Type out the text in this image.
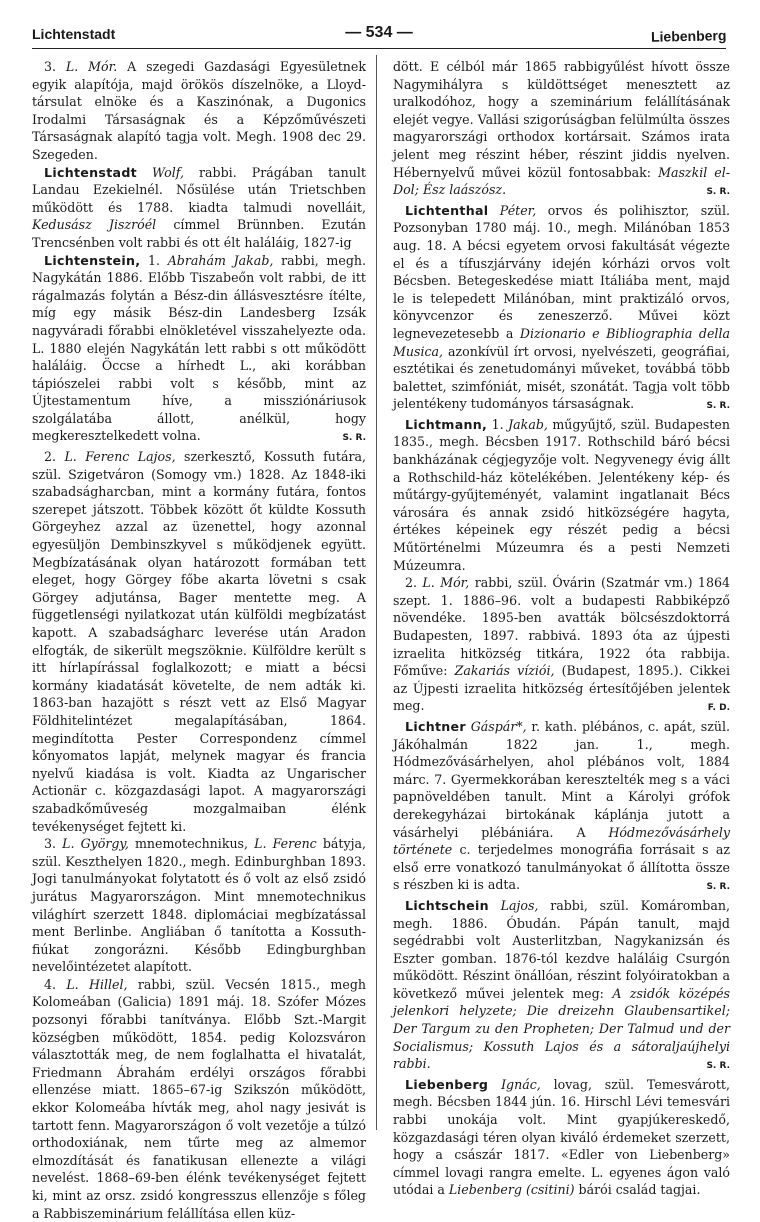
Lichtenstadt	— 534 —	Liebenberg

3. L. Mór. A szegedi Gazdasági Egyesületnek egyik alapítója, majd örökös díszelnöke, a Lloyd-társulat elnöke és a Kaszinónak, a Dugonics Irodalmi Társaságnak és a Képzőművészeti Társaságnak alapító tagja volt. Megh. 1908 dec 29. Szegeden.

Lichtenstadt Wolf, rabbi. Prágában tanult Landau Ezekielnél. Nősülése után Trietschben működött és 1788. kiadta talmudi novelláit, Kedusász Jiszróél címmel Brünnben. Ezután Trencsénben volt rabbi és ott élt haláláig, 1827-ig

Lichtenstein, 1. Abrahám Jakab, rabbi, megh. Nagykátán 1886. Előbb Tiszabeőn volt rabbi, de itt rágalmazás folytán a Bész-din állásvesztésre ítélte, míg egy másik Bész-din Landesberg Izsák nagyváradi főrabbi elnökletével visszahelyezte oda. L. 1880 elején Nagykátán lett rabbi s ott működött haláláig. Öccse a hírhedt L., aki korábban tápiószelei rabbi volt s később, mint az Újtestamentum híve, a missziónáriusok szolgálatába állott, anélkül, hogy megkeresztelkedett volna.	S. R.

2. L. Ferenc Lajos, szerkesztő, Kossuth futára, szül. Szigetváron (Somogy vm.) 1828. Az 1848-iki szabadságharcban, mint a kormány futára, fontos szerepet játszott. Többek között őt küldte Kossuth Görgeyhez azzal az üzenettel, hogy azonnal egyesüljön Dembinszkyvel s működjenek együtt. Megbízatásának olyan határozott formában tett eleget, hogy Görgey főbe akarta lövetni s csak Görgey adjutánsa, Bager mentette meg. A függetlenségi nyilatkozat után külföldi megbízatást kapott. A szabadságharc leverése után Aradon elfogták, de sikerült megszöknie. Külföldre került s itt hírlapírással foglalkozott; e miatt a bécsi kormány kiadatását követelte, de nem adták ki. 1863-ban hazajött s részt vett az Első Magyar Földhitelintézet megalapításában, 1864. megindította Pester Correspondenz címmel kőnyomatos lapját, melynek magyar és francia nyelvű kiadása is volt. Kiadta az Ungarischer Actionär c. közgazdasági lapot. A magyarországi szabadkőműveség mozgalmaiban élénk tevékenységet fejtett ki.

3. L. György, mnemotechnikus, L. Ferenc bátyja, szül. Keszthelyen 1820., megh. Edinburghban 1893. Jogi tanulmányokat folytatott és ő volt az első zsidó jurátus Magyarországon. Mint mnemotechnikus világhírt szerzett 1848. diplomáciai megbízatással ment Berlinbe. Angliában ő tanította a Kossuth-fiúkat zongorázni. Később Edingburghban nevelőintézetet alapított.

4. L. Hillel, rabbi, szül. Vecsén 1815., megh Kolomeában (Galicia) 1891 máj. 18. Szófer Mózes pozsonyi főrabbi tanítványa. Előbb Szt.-Margit községben működött, 1854. pedig Kolozsváron választották meg, de nem foglalhatta el hivatalát, Friedmann Ábrahám erdélyi országos főrabbi ellenzése miatt. 1865–67-ig Szikszón működött, ekkor Kolomeába hívták meg, ahol nagy jesivát is tartott fenn. Magyarországon ő volt vezetője a túlzó orthodoxiának, nem tűrte meg az almemor elmozdítását és fanatikusan ellenezte a világi nevelést. 1868–69-ben élénk tevékenységet fejtett ki, mint az orsz. zsidó kongresszus ellenzője s főleg a Rabbiszeminárium felállítása ellen küz-

dött. E célból már 1865 rabbigyűlést hívott össze Nagymihályra s küldöttséget menesztett az uralkodóhoz, hogy a szeminárium felállításának elejét vegye. Vallási szigorúságban felülmúlta összes magyarországi orthodox kortársait. Számos irata jelent meg részint héber, részint jiddis nyelven. Hébernyelvű művei közül fontosabbak: Maszkil el-Dol; Ész laászósz.	S. R.

Lichtenthal Péter, orvos és polihisztor, szül. Pozsonyban 1780 máj. 10., megh. Milánóban 1853 aug. 18. A bécsi egyetem orvosi fakultását végezte el és a tífuszjárvány idején kórházi orvos volt Bécsben. Betegeskedése miatt Itáliába ment, majd le is telepedett Milánóban, mint praktizáló orvos, könyvcenzor és zeneszerző. Művei közt legnevezetesebb a Dizionario e Bibliographia della Musica, azonkívül írt orvosi, nyelvészeti, geográfiai, esztétikai és zenetudományi műveket, továbbá több balettet, szimfóniát, misét, szonátát. Tagja volt több jelentékeny tudományos társaságnak.	S. R.

Lichtmann, 1. Jakab, műgyűjtő, szül. Budapesten 1835., megh. Bécsben 1917. Rothschild báró bécsi bankházának cégjegyzője volt. Negyvenegy évig állt a Rothschild-ház kötelékében. Jelentékeny kép- és műtárgy-gyűjteményét, valamint ingatlanait Bécs városára és annak zsidó hitközségére hagyta, értékes képeinek egy részét pedig a bécsi Műtörténelmi Múzeumra és a pesti Nemzeti Múzeumra.

2. L. Mór, rabbi, szül. Óvárin (Szatmár vm.) 1864 szept. 1. 1886–96. volt a budapesti Rabbiképző növendéke. 1895-ben avatták bölcsészdoktorrá Budapesten, 1897. rabbivá. 1893 óta az újpesti izraelita hitközség titkára, 1922 óta rabbija. Főműve: Zakariás víziói, (Budapest, 1895.). Cikkei az Újpesti izraelita hitközség értesítőjében jelentek meg.	F. D.

Lichtner Gáspár*, r. kath. plébános, c. apát, szül. Jákóhalmán 1822 jan. 1., megh. Hódmezővásárhelyen, ahol plébános volt, 1884 márc. 7. Gyermekkorában keresztelték meg s a váci papnöveldében tanult. Mint a Károlyi grófok derekegyházai birtokának káplánja jutott a vásárhelyi plébániára. A Hódmezővásárhely története c. terjedelmes monográfia forrásait s az első erre vonatkozó tanulmányokat ő állította össze s részben ki is adta.	S. R.

Lichtschein Lajos, rabbi, szül. Komáromban, megh. 1886. Óbudán. Pápán tanult, majd segédrabbi volt Austerlitzban, Nagykanizsán és Eszter gomban. 1876-tól kezdve haláláig Csurgón működött. Részint önállóan, részint folyóiratokban a következő művei jelentek meg: A zsidók középés jelenkori helyzete; Die dreizehn Glaubensartikel; Der Targum zu den Propheten; Der Talmud und der Socialismus; Kossuth Lajos és a sátoraljaújhelyi rabbi.	S. R.

Liebenberg Ignác, lovag, szül. Temesvárott, megh. Bécsben 1844 jún. 16. Hirschl Lévi temesvári rabbi unokája volt. Mint gyapjúkereskedő, közgazdasági téren olyan kiváló érdemeket szerzett, hogy a császár 1817. «Edler von Liebenberg» címmel lovagi rangra emelte. L. egyenes ágon való utódai a Liebenberg (csitini) bárói család tagjai.
